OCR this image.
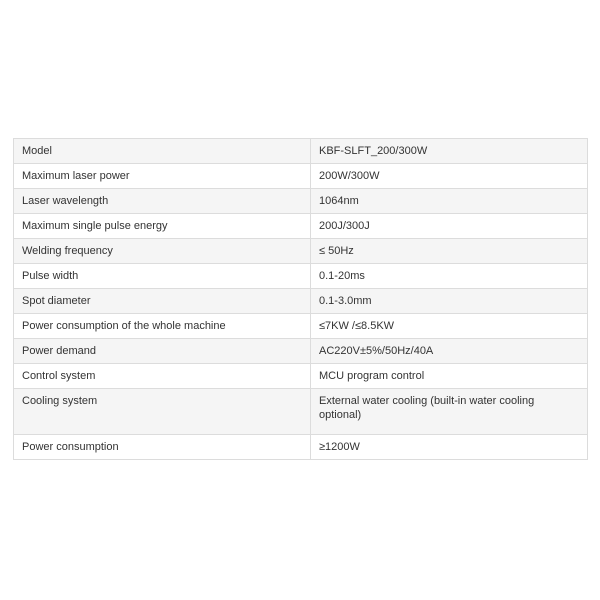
Model	KBF-SLFT_200/300W
Maximum laser power	200W/300W
Laser wavelength	1064nm
Maximum single pulse energy	200J/300J
Welding frequency	≤ 50Hz
Pulse width	0.1-20ms
Spot diameter	0.1-3.0mm
Power consumption of the whole machine	≤7KW /≤8.5KW
Power demand	AC220V±5%/50Hz/40A
Control system	MCU program control
Cooling system	External water cooling (built-in water cooling optional)
Power consumption	≥1200W
